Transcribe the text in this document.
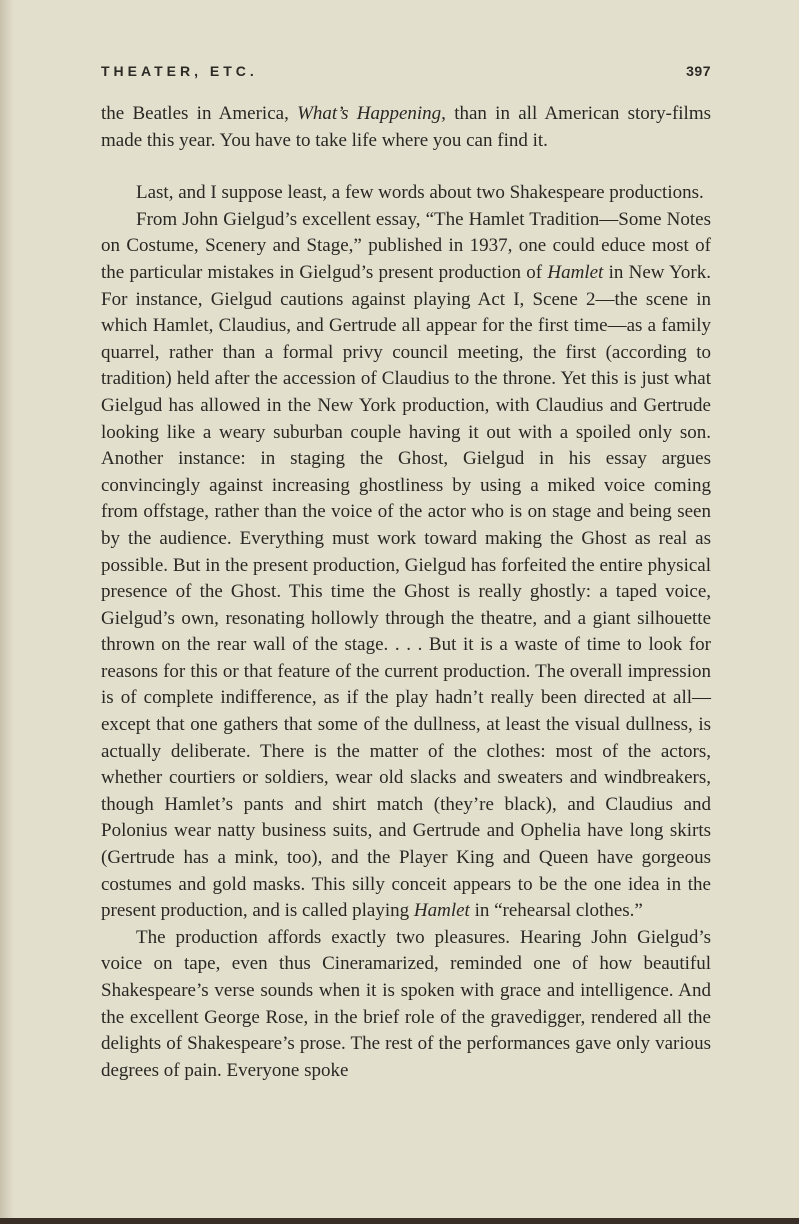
THEATER, ETC.	397

the Beatles in America, What’s Happening, than in all American story-films made this year. You have to take life where you can find it.

Last, and I suppose least, a few words about two Shakespeare productions.

From John Gielgud’s excellent essay, “The Hamlet Tradition—Some Notes on Costume, Scenery and Stage,” published in 1937, one could educe most of the particular mistakes in Gielgud’s present production of Hamlet in New York. For instance, Gielgud cautions against playing Act I, Scene 2—the scene in which Hamlet, Claudius, and Gertrude all appear for the first time—as a family quarrel, rather than a formal privy council meeting, the first (according to tradition) held after the accession of Claudius to the throne. Yet this is just what Gielgud has allowed in the New York production, with Claudius and Gertrude looking like a weary suburban couple having it out with a spoiled only son. Another instance: in staging the Ghost, Gielgud in his essay argues convincingly against increasing ghostliness by using a miked voice coming from offstage, rather than the voice of the actor who is on stage and being seen by the audience. Everything must work toward making the Ghost as real as possible. But in the present production, Gielgud has forfeited the entire physical presence of the Ghost. This time the Ghost is really ghostly: a taped voice, Gielgud’s own, resonating hollowly through the theatre, and a giant silhouette thrown on the rear wall of the stage. . . . But it is a waste of time to look for reasons for this or that feature of the current production. The overall impression is of complete indifference, as if the play hadn’t really been directed at all—except that one gathers that some of the dullness, at least the visual dullness, is actually deliberate. There is the matter of the clothes: most of the actors, whether courtiers or soldiers, wear old slacks and sweaters and windbreakers, though Hamlet’s pants and shirt match (they’re black), and Claudius and Polonius wear natty business suits, and Gertrude and Ophelia have long skirts (Gertrude has a mink, too), and the Player King and Queen have gorgeous costumes and gold masks. This silly conceit appears to be the one idea in the present production, and is called playing Hamlet in “rehearsal clothes.”

The production affords exactly two pleasures. Hearing John Gielgud’s voice on tape, even thus Cineramarized, reminded one of how beautiful Shakespeare’s verse sounds when it is spoken with grace and intelligence. And the excellent George Rose, in the brief role of the gravedigger, rendered all the delights of Shakespeare’s prose. The rest of the performances gave only various degrees of pain. Everyone spoke
